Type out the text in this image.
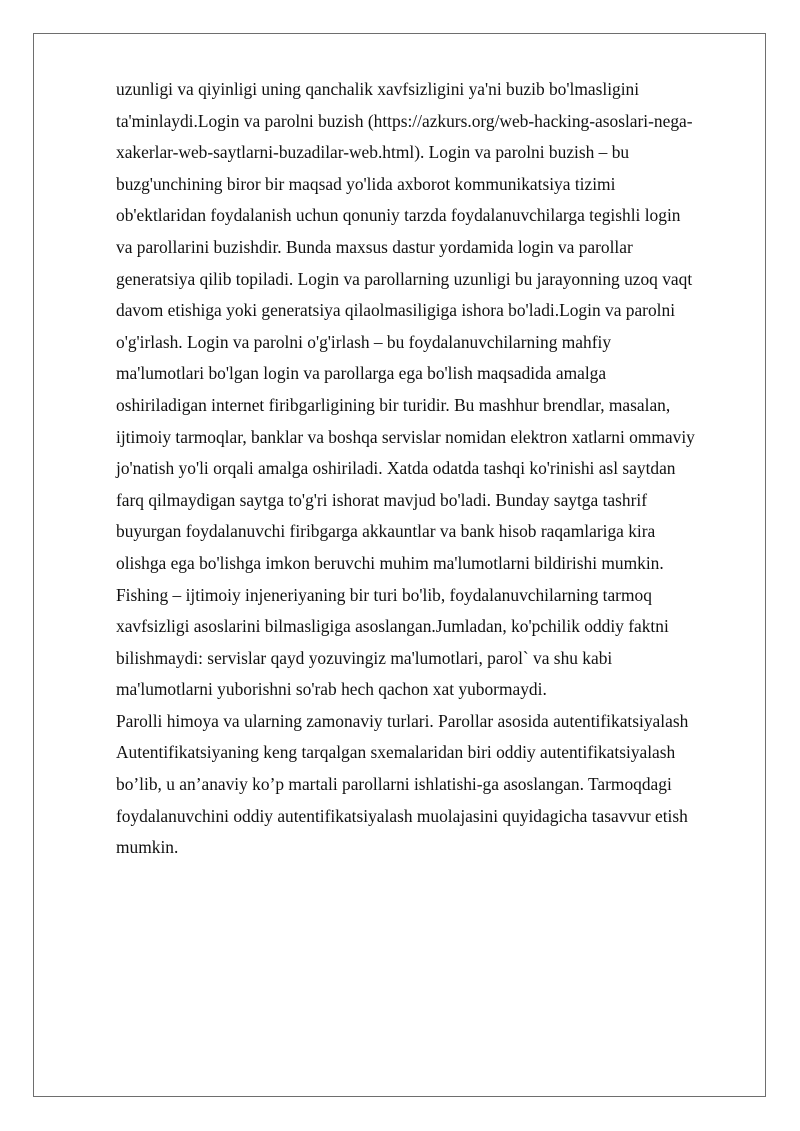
uzunligi va qiyinligi uning qanchalik xavfsizligini ya'ni buzib bo'lmasligini
ta'minlaydi.Login va parolni buzish (https://azkurs.org/web-hacking-asoslari-nega-
xakerlar-web-saytlarni-buzadilar-web.html). Login va parolni buzish – bu
buzg'unchining biror bir maqsad yo'lida axborot kommunikatsiya tizimi
ob'ektlaridan foydalanish uchun qonuniy tarzda foydalanuvchilarga tegishli login
va parollarini buzishdir. Bunda maxsus dastur yordamida login va parollar
generatsiya qilib topiladi. Login va parollarning uzunligi bu jarayonning uzoq vaqt
davom etishiga yoki generatsiya qilaolmasiligiga ishora bo'ladi.Login va parolni
o'g'irlash. Login va parolni o'g'irlash – bu foydalanuvchilarning mahfiy
ma'lumotlari bo'lgan login va parollarga ega bo'lish maqsadida amalga
oshiriladigan internet firibgarligining bir turidir. Bu mashhur brendlar, masalan,
ijtimoiy tarmoqlar, banklar va boshqa servislar nomidan elektron xatlarni ommaviy
jo'natish yo'li orqali amalga oshiriladi. Xatda odatda tashqi ko'rinishi asl saytdan
farq qilmaydigan saytga to'g'ri ishorat mavjud bo'ladi. Bunday saytga tashrif
buyurgan foydalanuvchi firibgarga akkauntlar va bank hisob raqamlariga kira
olishga ega bo'lishga imkon beruvchi muhim ma'lumotlarni bildirishi mumkin.
Fishing – ijtimoiy injeneriyaning bir turi bo'lib, foydalanuvchilarning tarmoq
xavfsizligi asoslarini bilmasligiga asoslangan.Jumladan, ko'pchilik oddiy faktni
bilishmaydi: servislar qayd yozuvingiz ma'lumotlari, parol` va shu kabi
ma'lumotlarni yuborishni so'rab hech qachon xat yubormaydi.
Parolli himoya va ularning zamonaviy turlari. Parollar asosida autentifikatsiyalash
Autentifikatsiyaning keng tarqalgan sxemalaridan biri oddiy autentifikatsiyalash
bo’lib, u an’anaviy ko’p martali parollarni ishlatishi-ga asoslangan. Tarmoqdagi
foydalanuvchini oddiy autentifikatsiyalash muolajasini quyidagicha tasavvur etish
mumkin.
